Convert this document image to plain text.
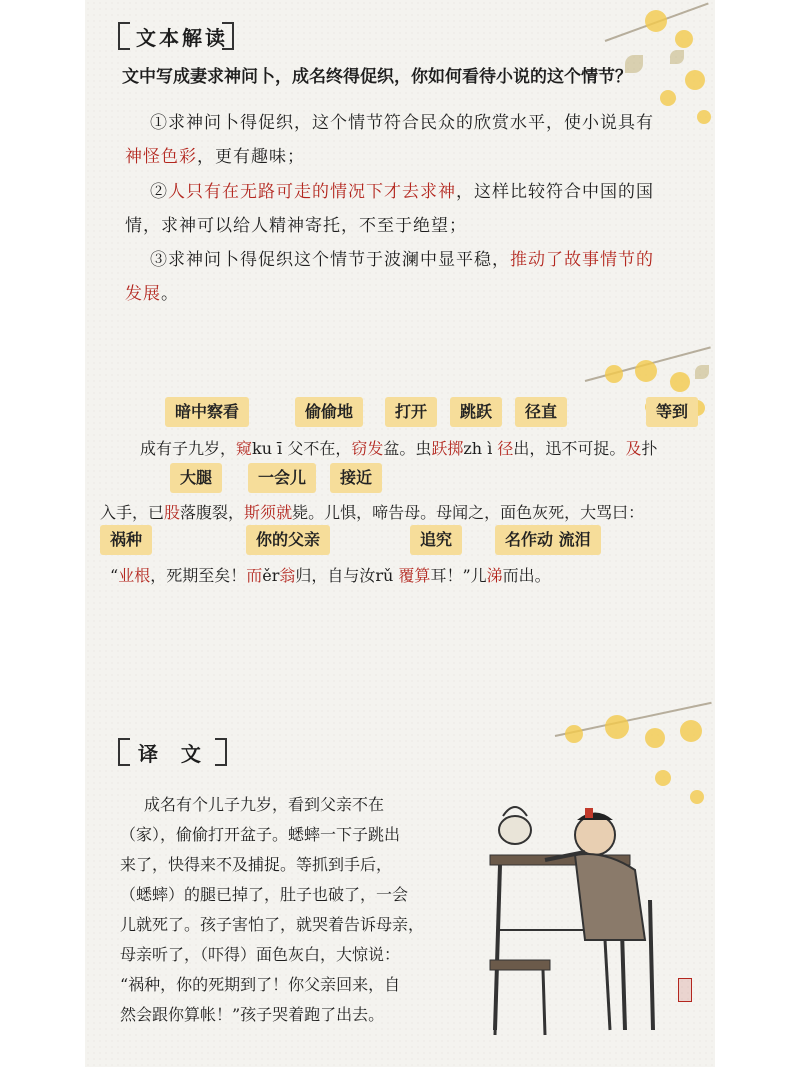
文本解读
文中写成妻求神问卜，成名终得促织，你如何看待小说的这个情节？
①求神问卜得促织，这个情节符合民众的欣赏水平，使小说具有
神怪色彩，更有趣味；
②人只有在无路可走的情况下才去求神，这样比较符合中国的国
情，求神可以给人精神寄托，不至于绝望；
③求神问卜得促织这个情节于波澜中显平稳，推动了故事情节的
发展。
暗中察看	偷偷地	打开	跳跃	径直	等到
成有子九岁，窥ku ī 父不在，窃发盆。虫跃掷zh ì 径出，迅不可捉。及扑
大腿	一会儿	接近
入手，已股落腹裂，斯须就毙。儿惧，啼告母。母闻之，面色灰死，大骂曰：
祸种	你的父亲	追究	名作动 流泪
“业根，死期至矣！而ěr翁归，自与汝rǔ 覆算耳！”儿涕而出。
译  文
成名有个儿子九岁，看到父亲不在
（家），偷偷打开盆子。蟋蟀一下子跳出
来了，快得来不及捕捉。等抓到手后，
（蟋蟀）的腿已掉了，肚子也破了，一会
儿就死了。孩子害怕了，就哭着告诉母亲，
母亲听了，（吓得）面色灰白，大惊说：
“祸种，你的死期到了！你父亲回来，自
然会跟你算帐！”孩子哭着跑了出去。
